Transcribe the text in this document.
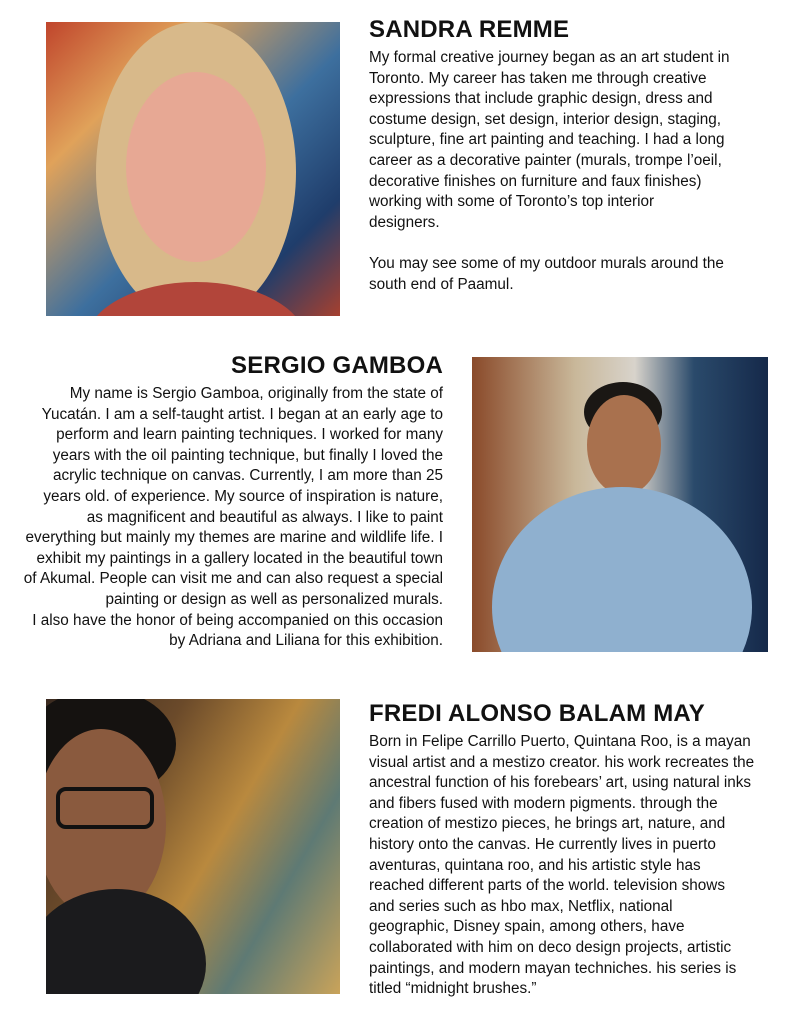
SANDRA REMME
My formal creative journey began as an art student in
Toronto. My career has taken me through creative
expressions that include graphic design, dress and
costume design, set design, interior design, staging,
sculpture, fine art painting and teaching. I had a long
career as a decorative painter (murals, trompe l’oeil,
decorative finishes on furniture and faux finishes)
working with some of Toronto’s top interior
designers.
You may see some of my outdoor murals around the
south end of Paamul.
SERGIO GAMBOA
My name is Sergio Gamboa, originally from the state of
Yucatán. I am a self-taught artist. I began at an early age to
perform and learn painting techniques. I worked for many
years with the oil painting technique, but finally I loved the
acrylic technique on canvas. Currently, I am more than 25
years old. of experience. My source of inspiration is nature,
as magnificent and beautiful as always. I like to paint
everything but mainly my themes are marine and wildlife life. I
exhibit my paintings in a gallery located in the beautiful town
of Akumal. People can visit me and can also request a special
painting or design as well as personalized murals.
I also have the honor of being accompanied on this occasion
by Adriana and Liliana for this exhibition.
FREDI ALONSO BALAM MAY
Born in Felipe Carrillo Puerto, Quintana Roo, is a mayan
visual artist and a mestizo creator. his work recreates the
ancestral function of his forebears’ art, using natural inks
and fibers fused with modern pigments. through the
creation of mestizo pieces, he brings art, nature, and
history onto the canvas. He currently lives in puerto
aventuras, quintana roo, and his artistic style has
reached different parts of the world. television shows
and series such as hbo max, Netflix, national
geographic, Disney spain, among others, have
collaborated with him on deco design projects, artistic
paintings, and modern mayan techniches. his series is
titled “midnight brushes.”
